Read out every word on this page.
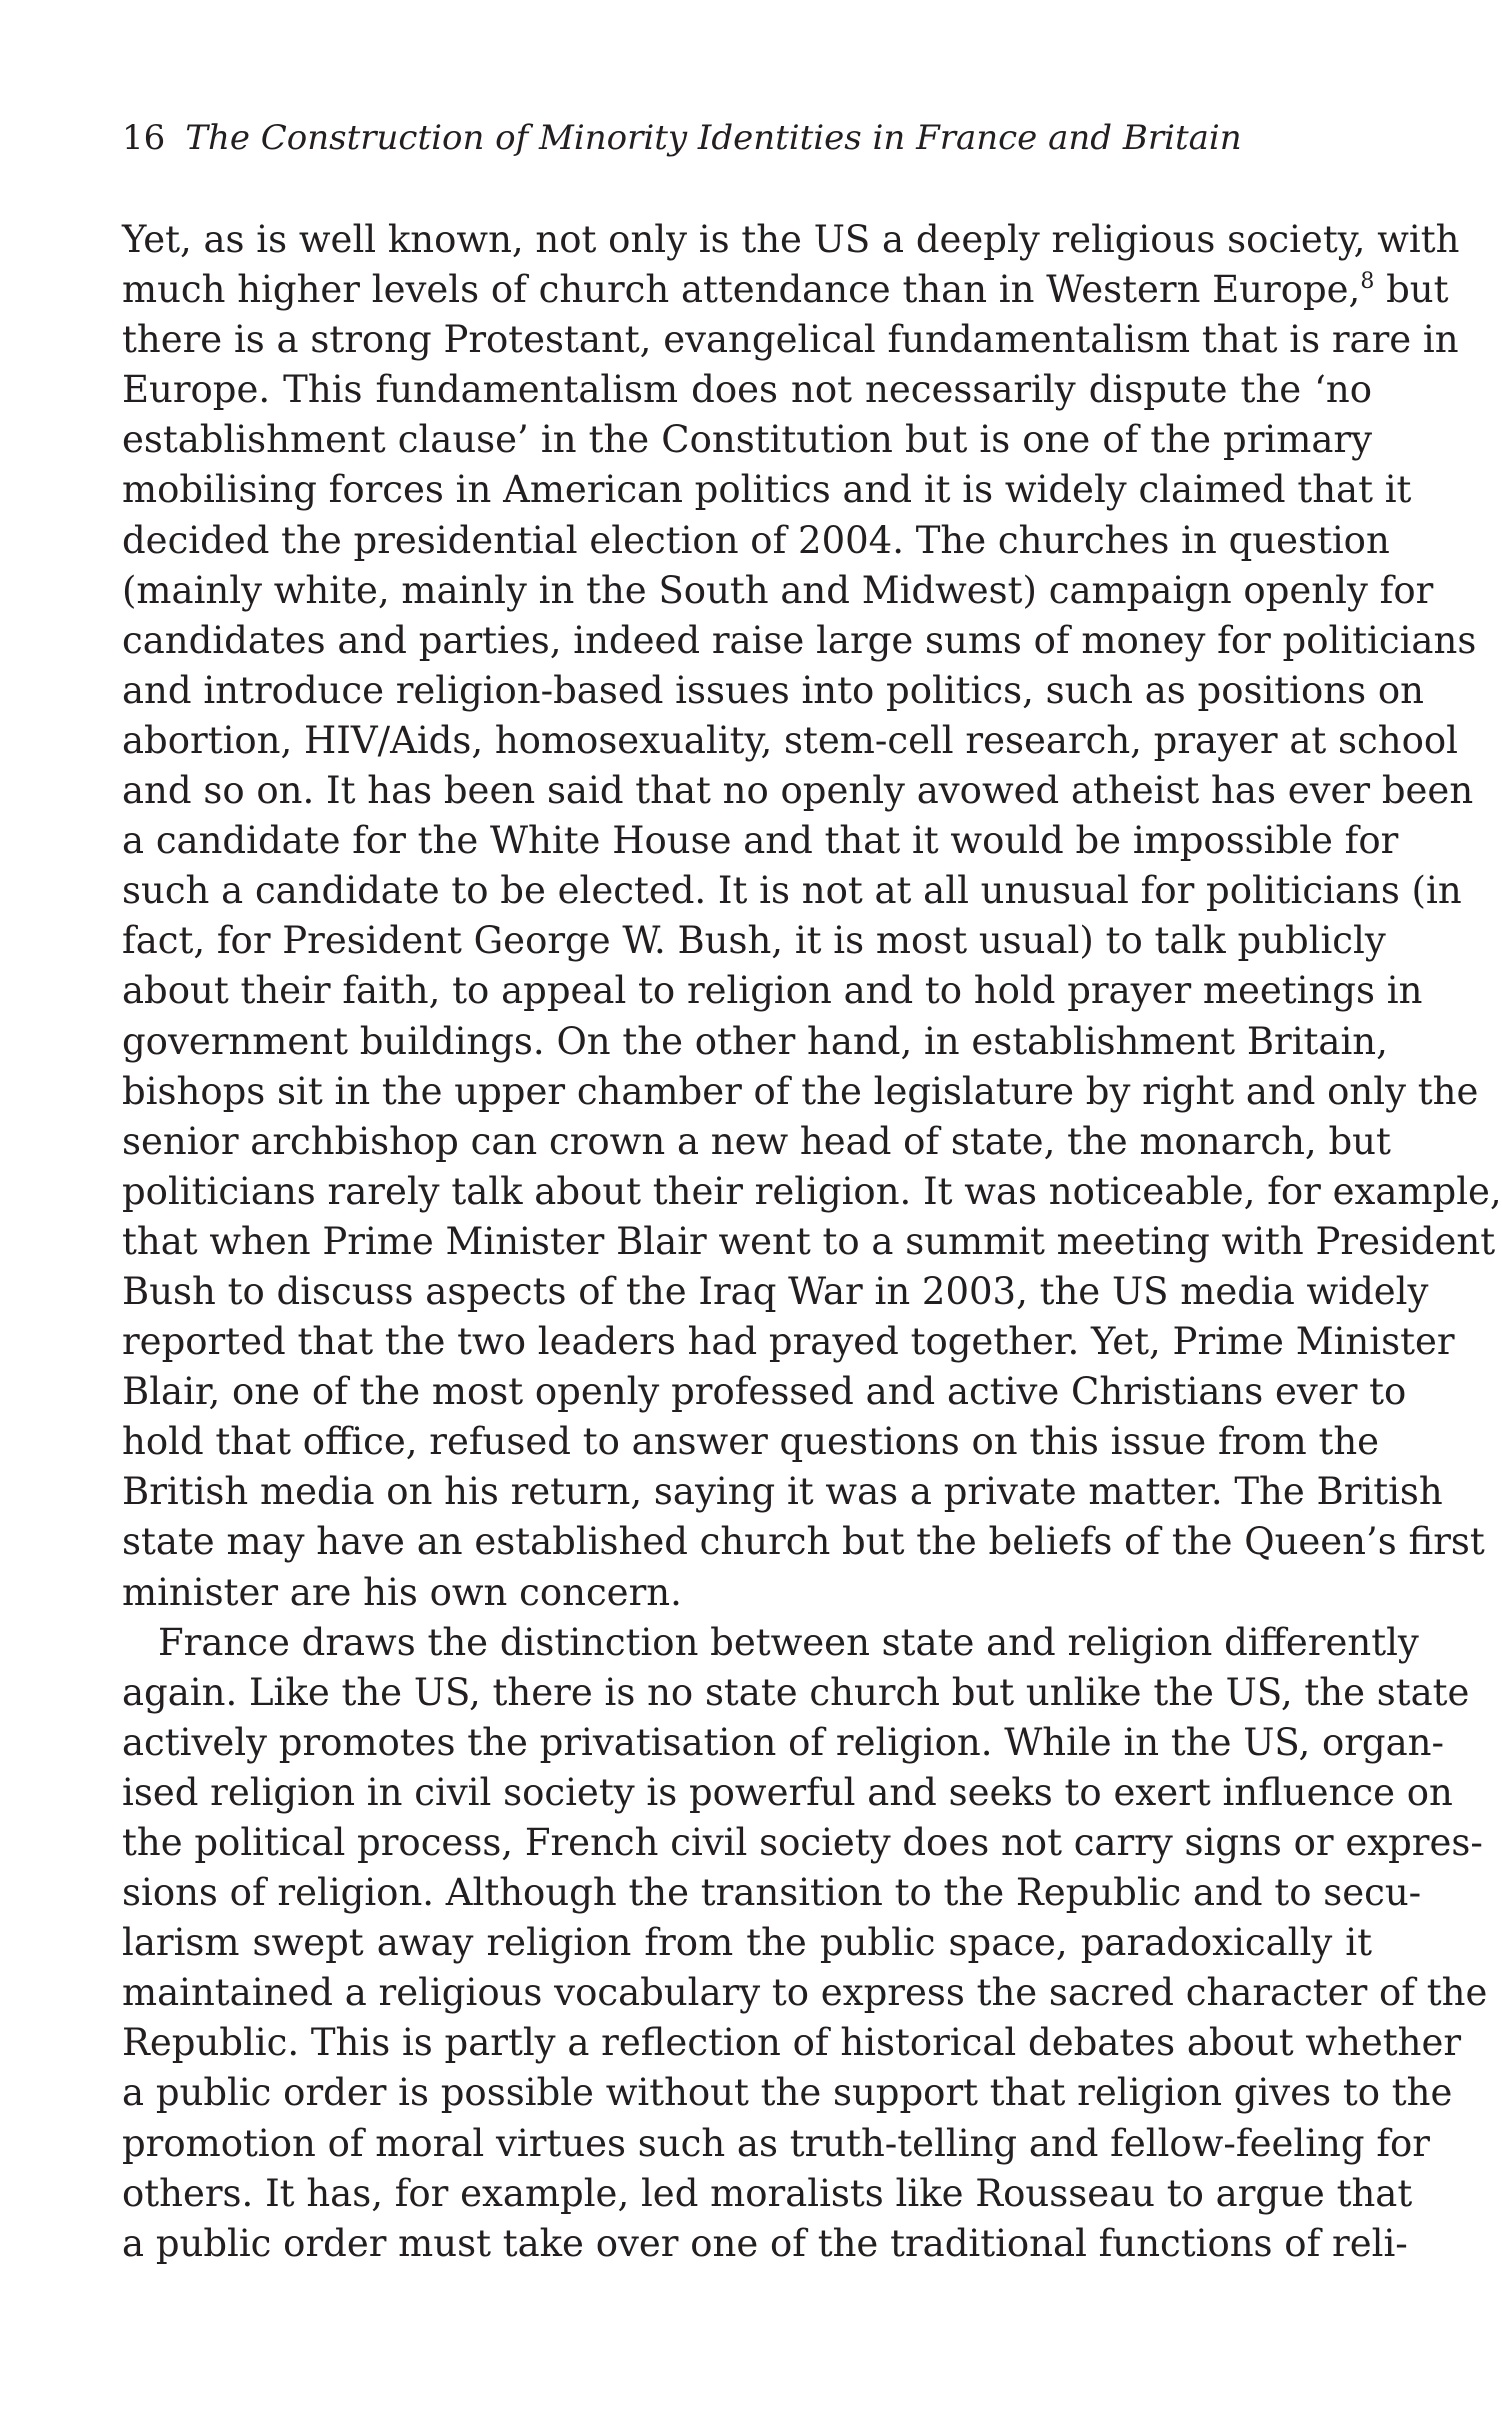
16 The Construction of Minority Identities in France and Britain
Yet, as is well known, not only is the US a deeply religious society, with
much higher levels of church attendance than in Western Europe,$^8$ but
there is a strong Protestant, evangelical fundamentalism that is rare in
Europe. This fundamentalism does not necessarily dispute the ‘no
establishment clause’ in the Constitution but is one of the primary
mobilising forces in American politics and it is widely claimed that it
decided the presidential election of 2004. The churches in question
(mainly white, mainly in the South and Midwest) campaign openly for
candidates and parties, indeed raise large sums of money for politicians
and introduce religion-based issues into politics, such as positions on
abortion, HIV/Aids, homosexuality, stem-cell research, prayer at school
and so on. It has been said that no openly avowed atheist has ever been
a candidate for the White House and that it would be impossible for
such a candidate to be elected. It is not at all unusual for politicians (in
fact, for President George W. Bush, it is most usual) to talk publicly
about their faith, to appeal to religion and to hold prayer meetings in
government buildings. On the other hand, in establishment Britain,
bishops sit in the upper chamber of the legislature by right and only the
senior archbishop can crown a new head of state, the monarch, but
politicians rarely talk about their religion. It was noticeable, for example,
that when Prime Minister Blair went to a summit meeting with President
Bush to discuss aspects of the Iraq War in 2003, the US media widely
reported that the two leaders had prayed together. Yet, Prime Minister
Blair, one of the most openly professed and active Christians ever to
hold that office, refused to answer questions on this issue from the
British media on his return, saying it was a private matter. The British
state may have an established church but the beliefs of the Queen’s first
minister are his own concern.
France draws the distinction between state and religion differently
again. Like the US, there is no state church but unlike the US, the state
actively promotes the privatisation of religion. While in the US, organ-
ised religion in civil society is powerful and seeks to exert influence on
the political process, French civil society does not carry signs or expres-
sions of religion. Although the transition to the Republic and to secu-
larism swept away religion from the public space, paradoxically it
maintained a religious vocabulary to express the sacred character of the
Republic. This is partly a reflection of historical debates about whether
a public order is possible without the support that religion gives to the
promotion of moral virtues such as truth-telling and fellow-feeling for
others. It has, for example, led moralists like Rousseau to argue that
a public order must take over one of the traditional functions of reli-
